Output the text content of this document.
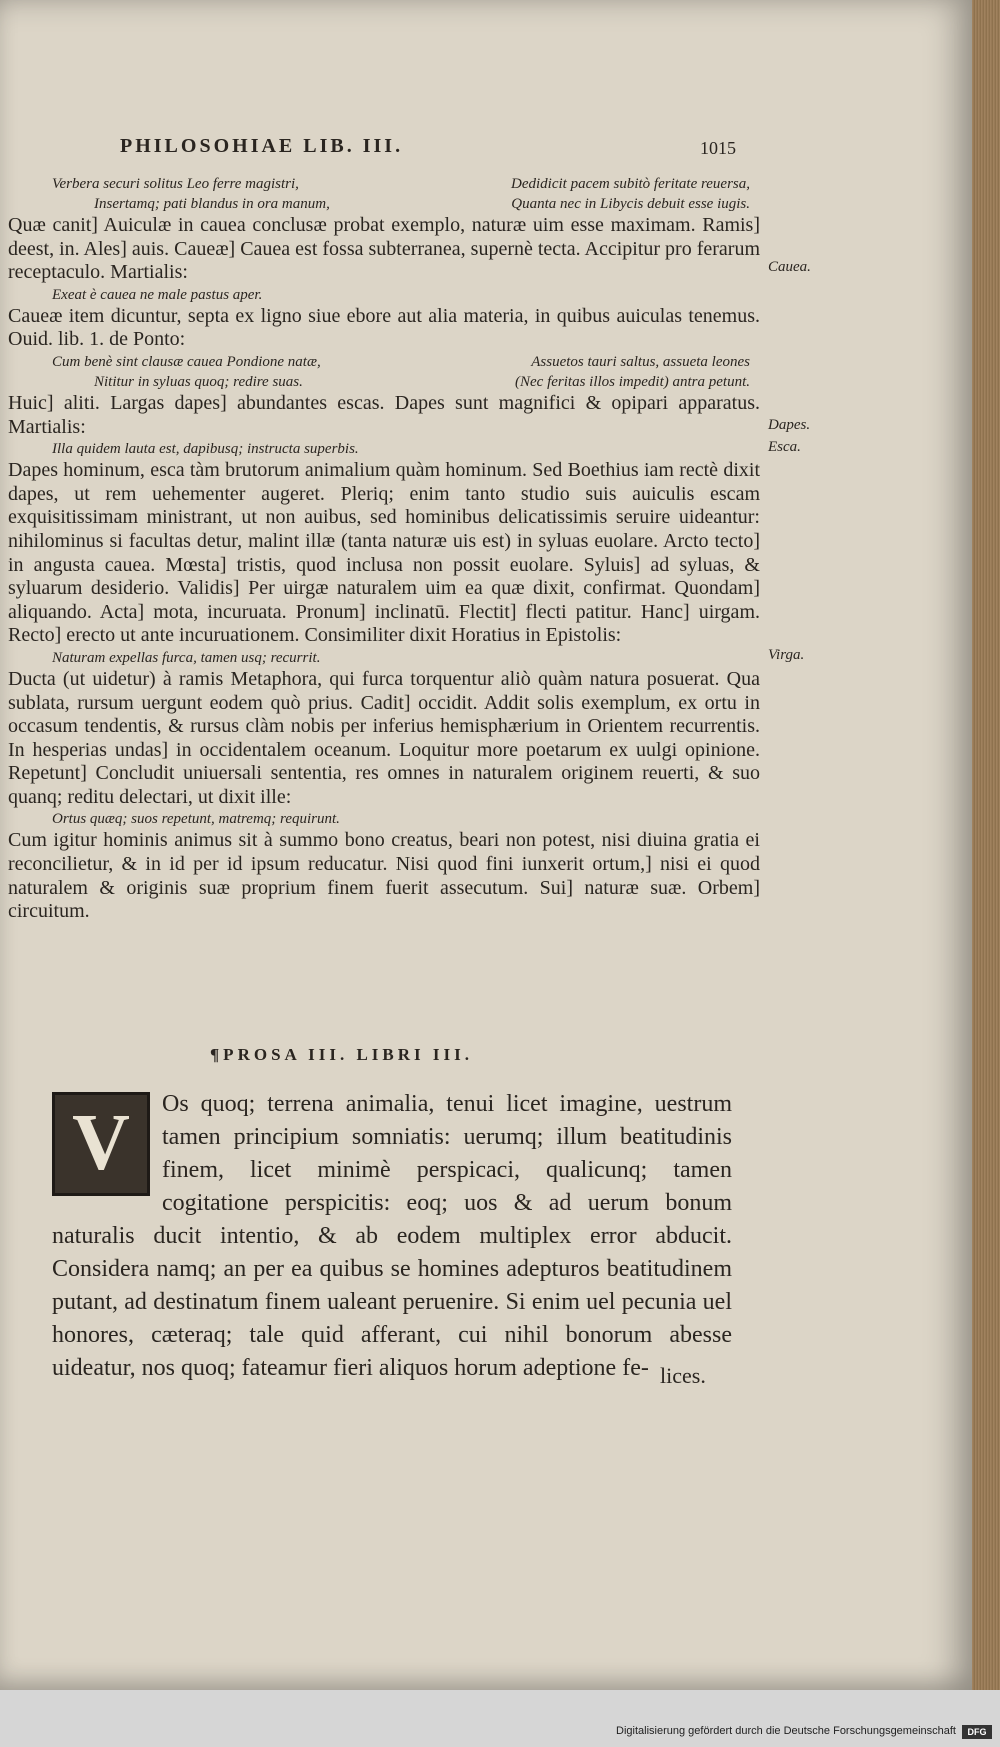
PHILOSOHIAE LIB. III.	1015
Verbera securi solitus Leo ferre magistri,	Dedidicit pacem subitò feritate reuersa,
Insertamq; pati blandus in ora manum,	Quanta nec in Libycis debuit esse iugis.
Quæ canit] Auiculæ in cauea conclusæ probat exemplo, naturæ uim esse maximam. Ramis] deest, in. Ales] auis. Caueæ] Cauea est fossa subterranea, supernè tecta. Accipitur pro ferarum receptaculo. Martialis:
Exeat è cauea ne male pastus aper.
Caueæ item dicuntur, septa ex ligno siue ebore aut alia materia, in quibus auiculas tenemus. Ouid. lib. 1. de Ponto:
Cum benè sint clausæ cauea Pondione natæ,	Assuetos tauri saltus, assueta leones
Nititur in syluas quoq; redire suas.	(Nec feritas illos impedit) antra petunt.
Huic] aliti. Largas dapes] abundantes escas. Dapes sunt magnifici & opipari apparatus. Martialis:
Illa quidem lauta est, dapibusq; instructa superbis.
Dapes hominum, esca tàm brutorum animalium quàm hominum. Sed Boethius iam rectè dixit dapes, ut rem uehementer augeret. Pleriq; enim tanto studio suis auiculis escam exquisitissimam ministrant, ut non auibus, sed hominibus delicatissimis seruire uideantur: nihilominus si facultas detur, malint illæ (tanta naturæ uis est) in syluas euolare. Arcto tecto] in angusta cauea. Mœsta] tristis, quod inclusa non possit euolare. Syluis] ad syluas, & syluarum desiderio. Validis] Per uirgæ naturalem uim ea quæ dixit, confirmat. Quondam] aliquando. Acta] mota, incuruata. Pronum] inclinatū. Flectit] flecti patitur. Hanc] uirgam. Recto] erecto ut ante incuruationem. Consimiliter dixit Horatius in Epistolis:
Naturam expellas furca, tamen usq; recurrit.
Ducta (ut uidetur) à ramis Metaphora, qui furca torquentur aliò quàm natura posuerat. Qua sublata, rursum uergunt eodem quò prius. Cadit] occidit. Addit solis exemplum, ex ortu in occasum tendentis, & rursus clàm nobis per inferius hemisphærium in Orientem recurrentis. In hesperias undas] in occidentalem oceanum. Loquitur more poetarum ex uulgi opinione. Repetunt] Concludit uniuersali sententia, res omnes in naturalem originem reuerti, & suo quanq; reditu delectari, ut dixit ille:
Ortus quæq; suos repetunt, matremq; requirunt.
Cum igitur hominis animus sit à summo bono creatus, beari non potest, nisi diuina gratia ei reconcilietur, & in id per id ipsum reducatur. Nisi quod fini iunxerit ortum,] nisi ei quod naturalem & originis suæ proprium finem fuerit assecutum. Sui] naturæ suæ. Orbem] circuitum.
Cauea.
Dapes.
Esca.
Virga.
¶PROSA III. LIBRI III.
V	Os quoq; terrena animalia, tenui licet imagine, uestrum tamen principium somniatis: uerumq; illum beatitudinis finem, licet minimè perspicaci, qualicunq; tamen cogitatione perspicitis: eoq; uos & ad uerum bonum naturalis ducit intentio, & ab eodem multiplex error abducit. Considera namq; an per ea quibus se homines adepturos beatitudinem putant, ad destinatum finem ualeant peruenire. Si enim uel pecunia uel honores, cæteraq; tale quid afferant, cui nihil bonorum abesse uideatur, nos quoq; fateamur fieri aliquos horum adeptione fe- lices.
Digitalisierung gefördert durch die Deutsche Forschungsgemeinschaft	DFG
